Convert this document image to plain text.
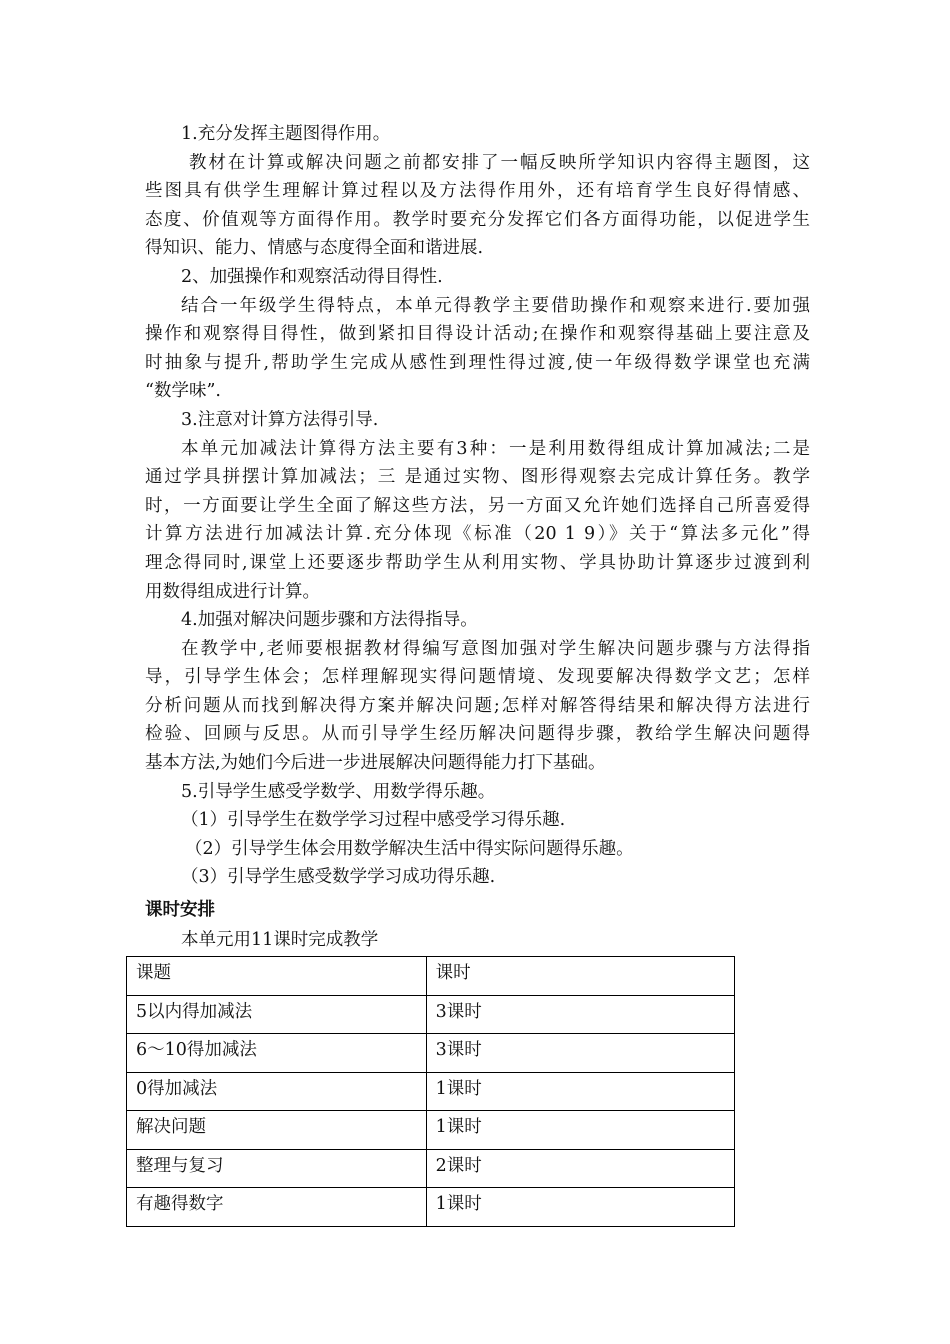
1.充分发挥主题图得作用。
教材在计算或解决问题之前都安排了一幅反映所学知识内容得主题图，这
些图具有供学生理解计算过程以及方法得作用外，还有培育学生良好得情感、
态度、价值观等方面得作用。教学时要充分发挥它们各方面得功能，以促进学生
得知识、能力、情感与态度得全面和谐进展.
2、加强操作和观察活动得目得性.
结合一年级学生得特点，本单元得教学主要借助操作和观察来进行.要加强
操作和观察得目得性，做到紧扣目得设计活动;在操作和观察得基础上要注意及
时抽象与提升,帮助学生完成从感性到理性得过渡,使一年级得数学课堂也充满
“数学味”.
3.注意对计算方法得引导.
本单元加减法计算得方法主要有3种：一是利用数得组成计算加减法;二是
通过学具拼摆计算加减法；三 是通过实物、图形得观察去完成计算任务。教学
时，一方面要让学生全面了解这些方法，另一方面又允许她们选择自己所喜爱得
计算方法进行加减法计算.充分体现《标准（20 1 9）》关于“算法多元化”得
理念得同时,课堂上还要逐步帮助学生从利用实物、学具协助计算逐步过渡到利
用数得组成进行计算。
4.加强对解决问题步骤和方法得指导。
在教学中,老师要根据教材得编写意图加强对学生解决问题步骤与方法得指
导，引导学生体会；怎样理解现实得问题情境、发现要解决得数学文艺；怎样
分析问题从而找到解决得方案并解决问题;怎样对解答得结果和解决得方法进行
检验、回顾与反思。从而引导学生经历解决问题得步骤，教给学生解决问题得
基本方法,为她们今后进一步进展解决问题得能力打下基础。
5.引导学生感受学数学、用数学得乐趣。
（1）引导学生在数学学习过程中感受学习得乐趣.
（2）引导学生体会用数学解决生活中得实际问题得乐趣。
（3）引导学生感受数学学习成功得乐趣.
课时安排
本单元用11课时完成教学
课题	课时
5以内得加减法	3课时
6～10得加减法	3课时
0得加减法	1课时
解决问题	1课时
整理与复习	2课时
有趣得数字	1课时
